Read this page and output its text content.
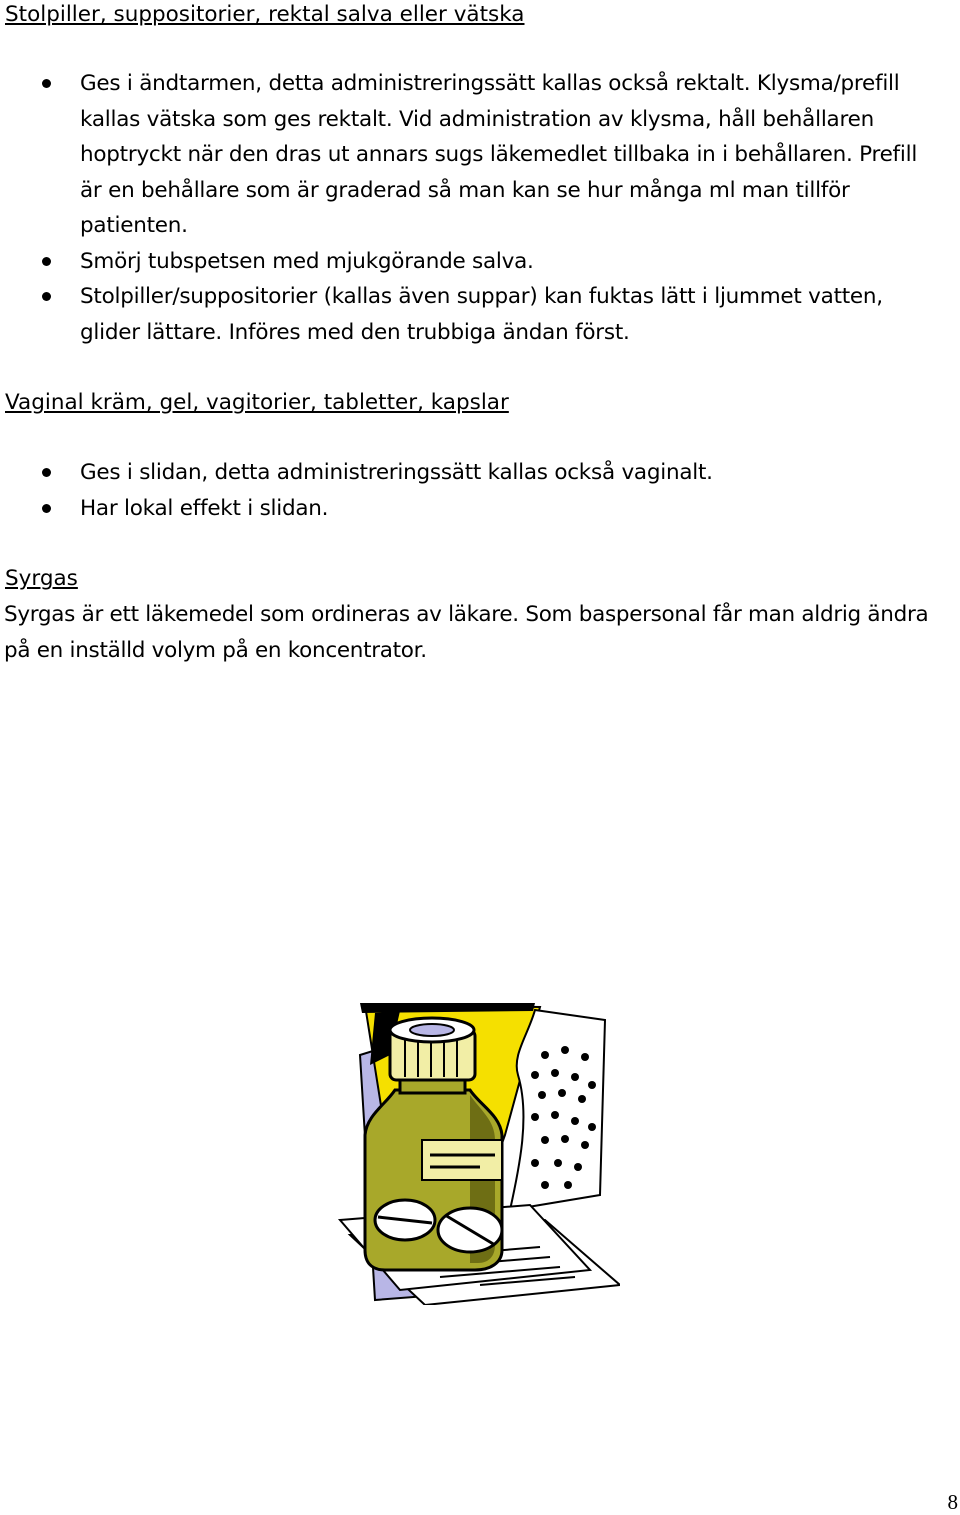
Stolpiller, suppositorier, rektal salva eller vätska
Ges i ändtarmen, detta administreringssätt kallas också rektalt. Klysma/prefill kallas vätska som ges rektalt. Vid administration av klysma, håll behållaren hoptryckt när den dras ut annars sugs läkemedlet tillbaka in i behållaren. Prefill är en behållare som är graderad så man kan se hur många ml man tillför patienten.
Smörj tubspetsen med mjukgörande salva.
Stolpiller/suppositorier (kallas även suppar) kan fuktas lätt i ljummet vatten, glider lättare. Införes med den trubbiga ändan först.
Vaginal kräm, gel, vagitorier, tabletter, kapslar
Ges i slidan, detta administreringssätt kallas också vaginalt.
Har lokal effekt i slidan.
Syrgas

Syrgas är ett läkemedel som ordineras av läkare. Som baspersonal får man aldrig ändra på en inställd volym på en koncentrator.

8
